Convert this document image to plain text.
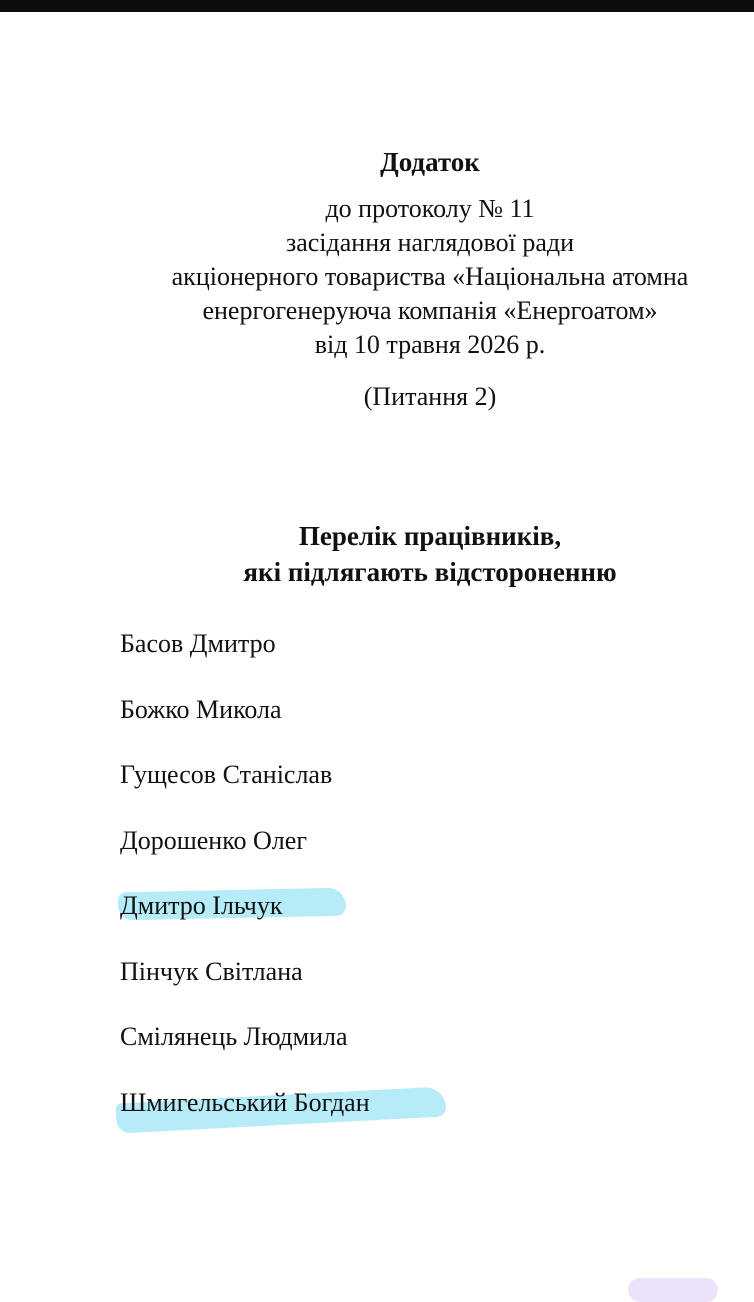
Додаток
до протоколу № 11
засідання наглядової ради
акціонерного товариства «Національна атомна
енергогенеруюча компанія «Енергоатом»
від 10 травня 2026 р.
(Питання 2)
Перелік працівників,
які підлягають відстороненню
Басов Дмитро
Божко Микола
Гущесов Станіслав
Дорошенко Олег
Дмитро Ільчук
Пінчук Світлана
Смілянець Людмила
Шмигельський Богдан
